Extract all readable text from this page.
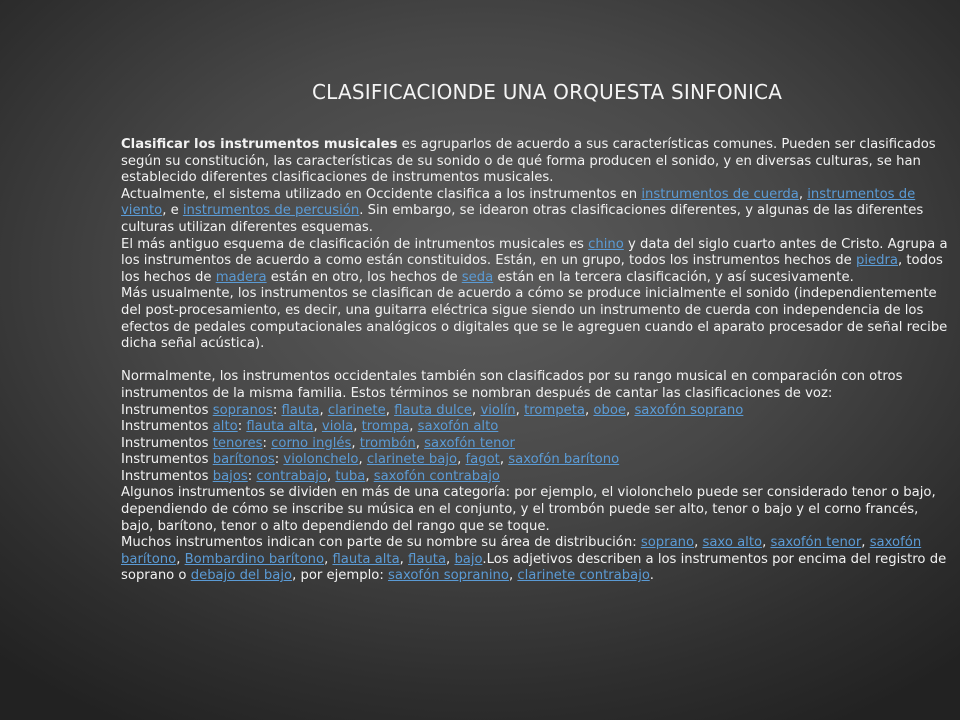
CLASIFICACIONDE UNA ORQUESTA SINFONICA

Clasificar los instrumentos musicales es agruparlos de acuerdo a sus características comunes. Pueden ser clasificados según su constitución, las características de su sonido o de qué forma producen el sonido, y en diversas culturas, se han establecido diferentes clasificaciones de instrumentos musicales.

Actualmente, el sistema utilizado en Occidente clasifica a los instrumentos en instrumentos de cuerda, instrumentos de viento, e instrumentos de percusión. Sin embargo, se idearon otras clasificaciones diferentes, y algunas de las diferentes culturas utilizan diferentes esquemas.

El más antiguo esquema de clasificación de intrumentos musicales es chino y data del siglo cuarto antes de Cristo. Agrupa a los instrumentos de acuerdo a como están constituidos. Están, en un grupo, todos los instrumentos hechos de piedra, todos los hechos de madera están en otro, los hechos de seda están en la tercera clasificación, y así sucesivamente.

Más usualmente, los instrumentos se clasifican de acuerdo a cómo se produce inicialmente el sonido (independientemente del post-procesamiento, es decir, una guitarra eléctrica sigue siendo un instrumento de cuerda con independencia de los efectos de pedales computacionales analógicos o digitales que se le agreguen cuando el aparato procesador de señal recibe dicha señal acústica).

Normalmente, los instrumentos occidentales también son clasificados por su rango musical en comparación con otros instrumentos de la misma familia. Estos términos se nombran después de cantar las clasificaciones de voz:

Instrumentos sopranos: flauta, clarinete, flauta dulce, violín, trompeta, oboe, saxofón soprano

Instrumentos alto: flauta alta, viola, trompa, saxofón alto

Instrumentos tenores: corno inglés, trombón, saxofón tenor

Instrumentos barítonos: violonchelo, clarinete bajo, fagot, saxofón barítono

Instrumentos bajos: contrabajo, tuba, saxofón contrabajo

Algunos instrumentos se dividen en más de una categoría: por ejemplo, el violonchelo puede ser considerado tenor o bajo, dependiendo de cómo se inscribe su música en el conjunto, y el trombón puede ser alto, tenor o bajo y el corno francés, bajo, barítono, tenor o alto dependiendo del rango que se toque.

Muchos instrumentos indican con parte de su nombre su área de distribución: soprano, saxo alto, saxofón tenor, saxofón barítono, Bombardino barítono, flauta alta, flauta, bajo.Los adjetivos describen a los instrumentos por encima del registro de soprano o debajo del bajo, por ejemplo: saxofón sopranino, clarinete contrabajo.
